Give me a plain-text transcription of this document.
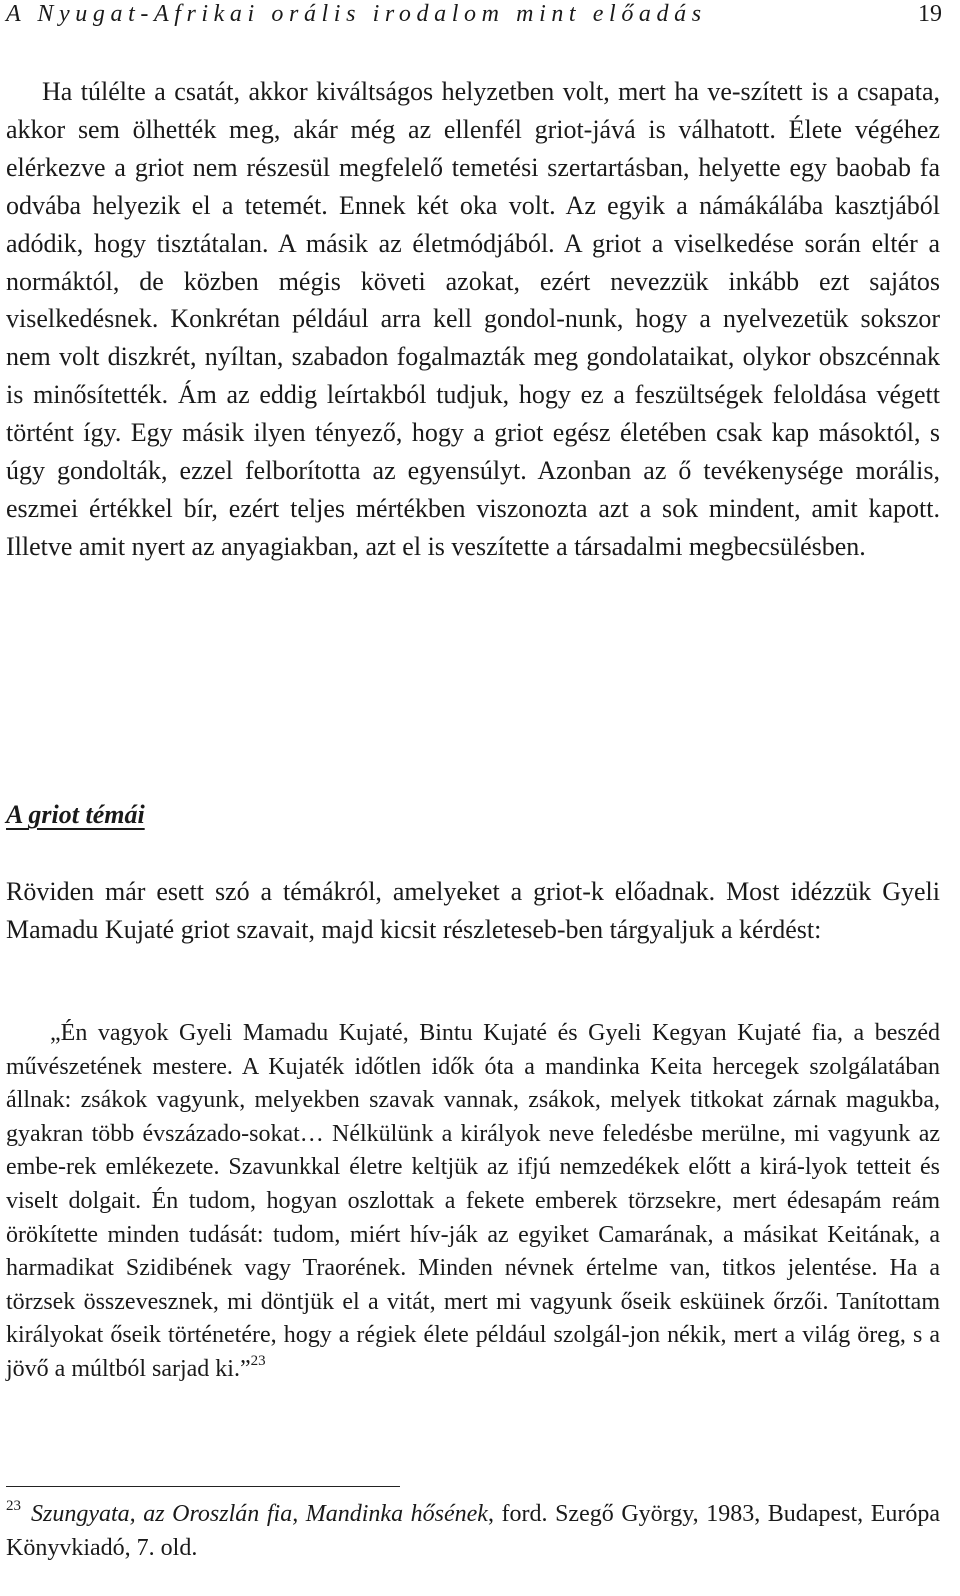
A Nyugat-Afrikai orális irodalom mint előadás	19

Ha túlélte a csatát, akkor kiváltságos helyzetben volt, mert ha ve-szített is a csapata, akkor sem ölhették meg, akár még az ellenfél griot-jává is válhatott. Élete végéhez elérkezve a griot nem részesül megfelelő temetési szertartásban, helyette egy baobab fa odvába helyezik el a tetemét. Ennek két oka volt. Az egyik a námákálába kasztjából adódik, hogy tisztátalan. A másik az életmódjából. A griot a viselkedése során eltér a normáktól, de közben mégis követi azokat, ezért nevezzük inkább ezt sajátos viselkedésnek. Konkrétan például arra kell gondol-nunk, hogy a nyelvezetük sokszor nem volt diszkrét, nyíltan, szabadon fogalmazták meg gondolataikat, olykor obszcénnak is minősítették. Ám az eddig leírtakból tudjuk, hogy ez a feszültségek feloldása végett történt így. Egy másik ilyen tényező, hogy a griot egész életében csak kap másoktól, s úgy gondolták, ezzel felborította az egyensúlyt. Azonban az ő tevékenysége morális, eszmei értékkel bír, ezért teljes mértékben viszonozta azt a sok mindent, amit kapott. Illetve amit nyert az anyagiakban, azt el is veszítette a társadalmi megbecsülésben.

A griot témái

Röviden már esett szó a témákról, amelyeket a griot-k előadnak. Most idézzük Gyeli Mamadu Kujaté griot szavait, majd kicsit részleteseb-ben tárgyaljuk a kérdést:

„Én vagyok Gyeli Mamadu Kujaté, Bintu Kujaté és Gyeli Kegyan Kujaté fia, a beszéd művészetének mestere. A Kujaték időtlen idők óta a mandinka Keita hercegek szolgálatában állnak: zsákok vagyunk, melyekben szavak vannak, zsákok, melyek titkokat zárnak magukba, gyakran több évszázado-sokat… Nélkülünk a királyok neve feledésbe merülne, mi vagyunk az embe-rek emlékezete. Szavunkkal életre keltjük az ifjú nemzedékek előtt a kirá-lyok tetteit és viselt dolgait. Én tudom, hogyan oszlottak a fekete emberek törzsekre, mert édesapám reám örökítette minden tudását: tudom, miért hív-ják az egyiket Camarának, a másikat Keitának, a harmadikat Szidibének vagy Traorének. Minden névnek értelme van, titkos jelentése. Ha a törzsek összevesznek, mi döntjük el a vitát, mert mi vagyunk őseik esküinek őrzői. Tanítottam királyokat őseik történetére, hogy a régiek élete például szolgál-jon nékik, mert a világ öreg, s a jövő a múltból sarjad ki.”$^{23}$

$^{23}$ Szungyata, az Oroszlán fia, Mandinka hősének, ford. Szegő György, 1983, Budapest, Európa Könyvkiadó, 7. old.
